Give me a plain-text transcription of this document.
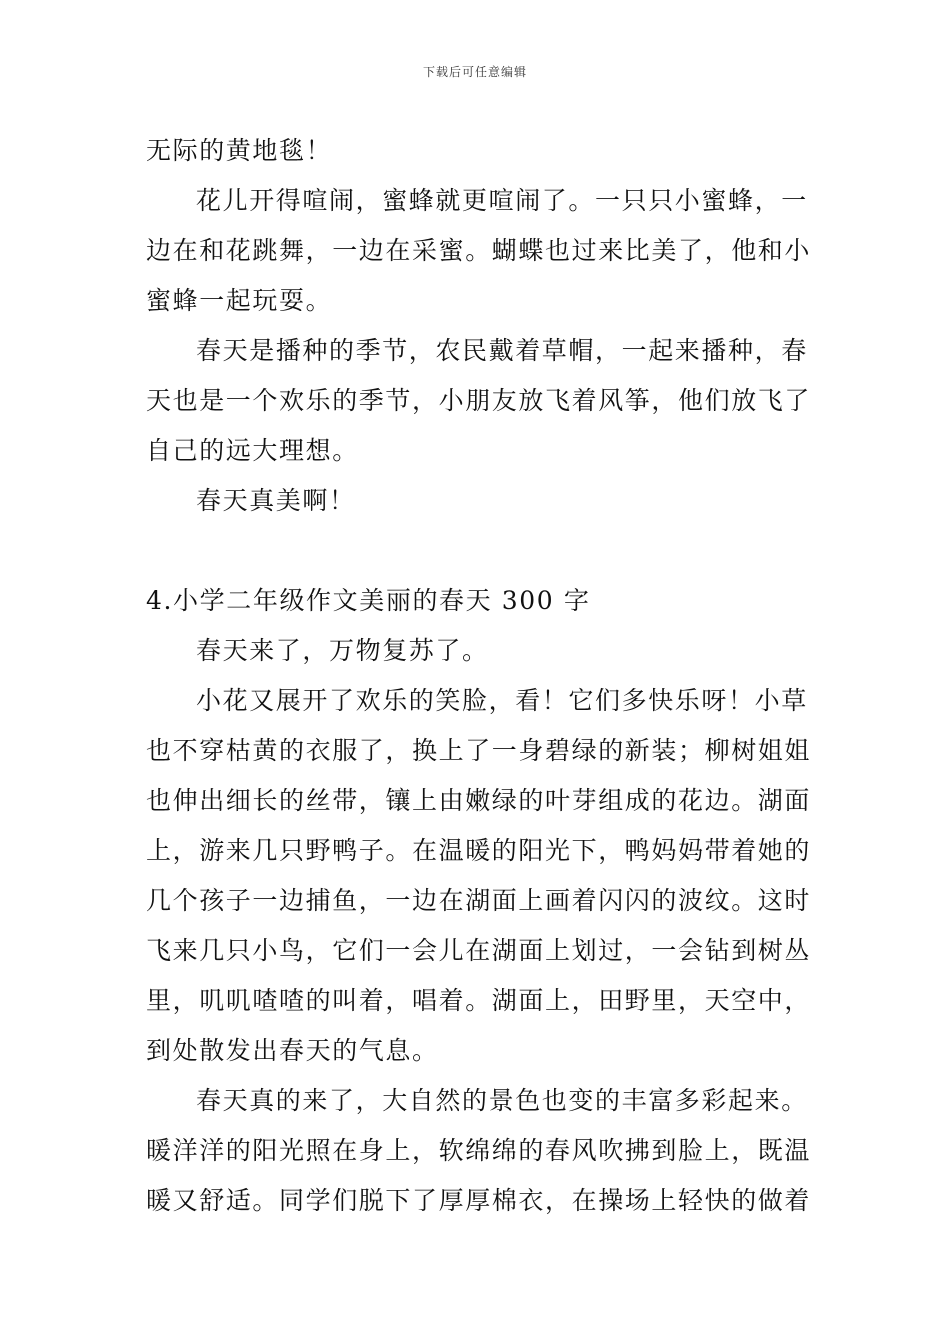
下载后可任意编辑
无际的黄地毯！
花儿开得喧闹，蜜蜂就更喧闹了。一只只小蜜蜂，一
边在和花跳舞，一边在采蜜。蝴蝶也过来比美了，他和小
蜜蜂一起玩耍。
春天是播种的季节，农民戴着草帽，一起来播种，春
天也是一个欢乐的季节，小朋友放飞着风筝，他们放飞了
自己的远大理想。
春天真美啊！
4.小学二年级作文美丽的春天 300 字
春天来了，万物复苏了。
小花又展开了欢乐的笑脸，看！它们多快乐呀！小草
也不穿枯黄的衣服了，换上了一身碧绿的新装；柳树姐姐
也伸出细长的丝带，镶上由嫩绿的叶芽组成的花边。湖面
上，游来几只野鸭子。在温暖的阳光下，鸭妈妈带着她的
几个孩子一边捕鱼，一边在湖面上画着闪闪的波纹。这时
飞来几只小鸟，它们一会儿在湖面上划过，一会钻到树丛
里，叽叽喳喳的叫着，唱着。湖面上，田野里，天空中，
到处散发出春天的气息。
春天真的来了，大自然的景色也变的丰富多彩起来。
暖洋洋的阳光照在身上，软绵绵的春风吹拂到脸上，既温
暖又舒适。同学们脱下了厚厚棉衣，在操场上轻快的做着
